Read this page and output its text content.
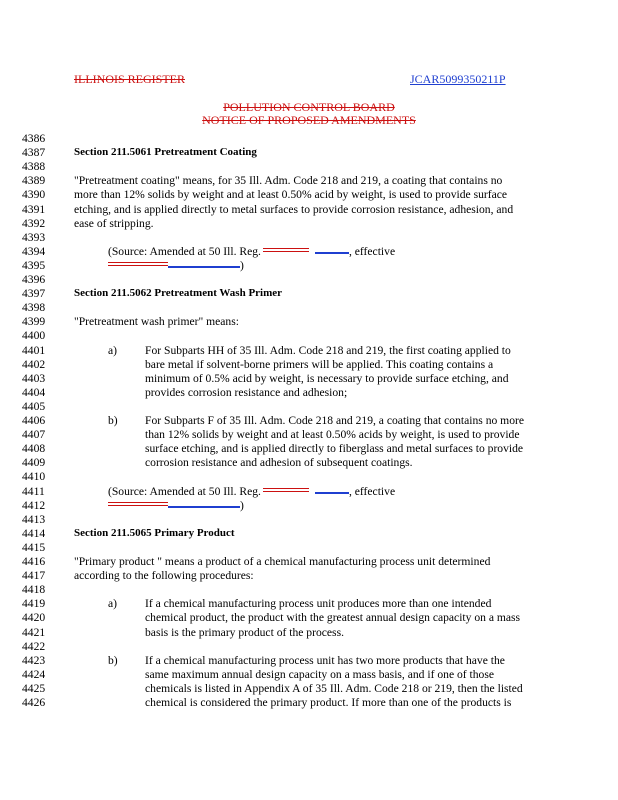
ILLINOIS REGISTER	JCAR5099350211P
POLLUTION CONTROL BOARD
NOTICE OF PROPOSED AMENDMENTS
4386
4387	Section 211.5061 Pretreatment Coating
4388
4389	"Pretreatment coating" means, for 35 Ill. Adm. Code 218 and 219, a coating that contains no
4390	more than 12% solids by weight and at least 0.50% acid by weight, is used to provide surface
4391	etching, and is applied directly to metal surfaces to provide corrosion resistance, adhesion, and
4392	ease of stripping.
4393
4394	(Source: Amended at 50 Ill. Reg.	, effective
4395	)
4396
4397	Section 211.5062 Pretreatment Wash Primer
4398
4399	"Pretreatment wash primer" means:
4400
4401	a) For Subparts HH of 35 Ill. Adm. Code 218 and 219, the first coating applied to
4402	bare metal if solvent-borne primers will be applied. This coating contains a
4403	minimum of 0.5% acid by weight, is necessary to provide surface etching, and
4404	provides corrosion resistance and adhesion;
4405
4406	b) For Subparts F of 35 Ill. Adm. Code 218 and 219, a coating that contains no more
4407	than 12% solids by weight and at least 0.50% acids by weight, is used to provide
4408	surface etching, and is applied directly to fiberglass and metal surfaces to provide
4409	corrosion resistance and adhesion of subsequent coatings.
4410
4411	(Source: Amended at 50 Ill. Reg.	, effective
4412	)
4413
4414	Section 211.5065 Primary Product
4415
4416	"Primary product " means a product of a chemical manufacturing process unit determined
4417	according to the following procedures:
4418
4419	a) If a chemical manufacturing process unit produces more than one intended
4420	chemical product, the product with the greatest annual design capacity on a mass
4421	basis is the primary product of the process.
4422
4423	b) If a chemical manufacturing process unit has two more products that have the
4424	same maximum annual design capacity on a mass basis, and if one of those
4425	chemicals is listed in Appendix A of 35 Ill. Adm. Code 218 or 219, then the listed
4426	chemical is considered the primary product. If more than one of the products is
